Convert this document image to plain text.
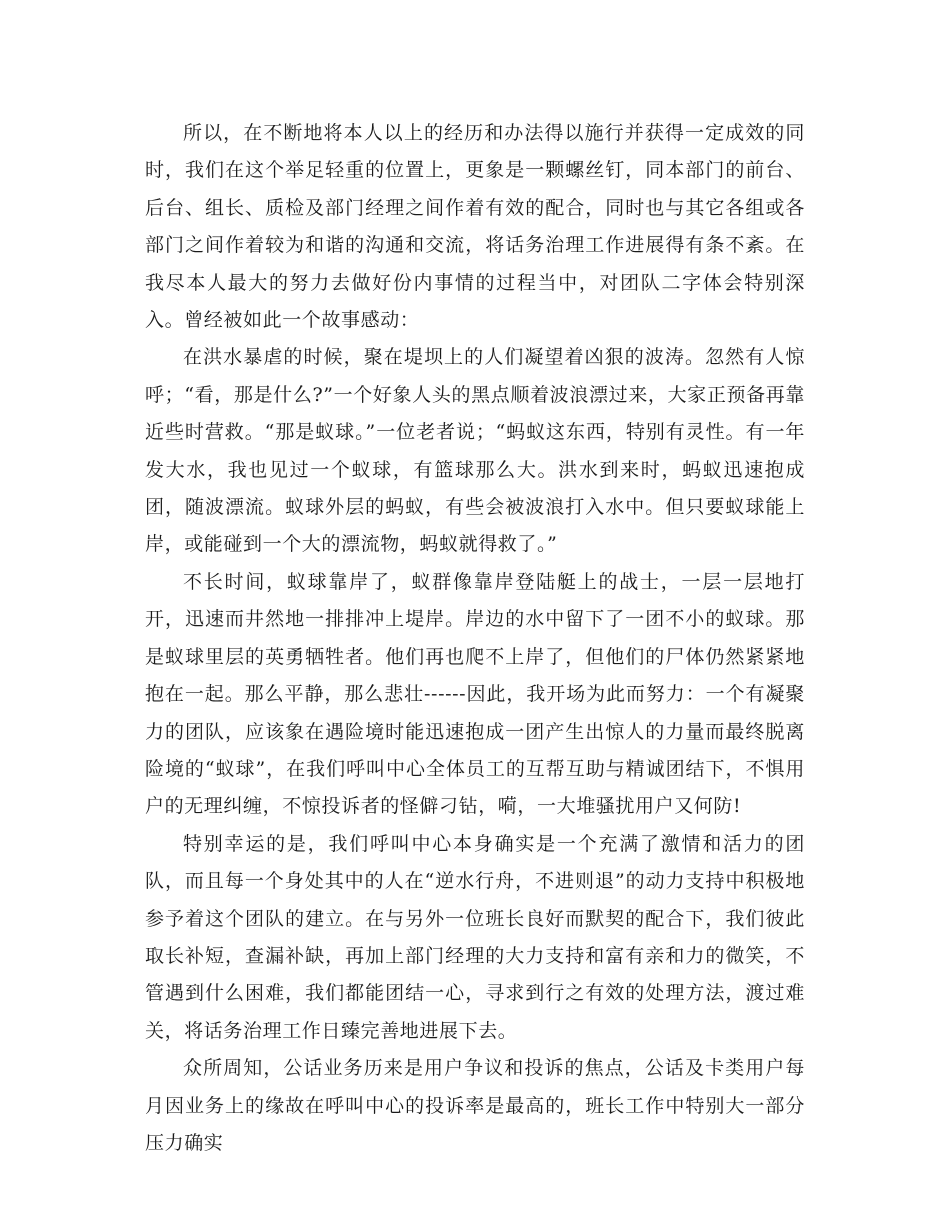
所以，在不断地将本人以上的经历和办法得以施行并获得一定成效的同时，我们在这个举足轻重的位置上，更象是一颗螺丝钉，同本部门的前台、后台、组长、质检及部门经理之间作着有效的配合，同时也与其它各组或各部门之间作着较为和谐的沟通和交流，将话务治理工作进展得有条不紊。在我尽本人最大的努力去做好份内事情的过程当中，对团队二字体会特别深入。曾经被如此一个故事感动：

在洪水暴虐的时候，聚在堤坝上的人们凝望着凶狠的波涛。忽然有人惊呼；“看，那是什么?”一个好象人头的黑点顺着波浪漂过来，大家正预备再靠近些时营救。“那是蚁球。”一位老者说；“蚂蚁这东西，特别有灵性。有一年发大水，我也见过一个蚁球，有篮球那么大。洪水到来时，蚂蚁迅速抱成团，随波漂流。蚁球外层的蚂蚁，有些会被波浪打入水中。但只要蚁球能上岸，或能碰到一个大的漂流物，蚂蚁就得救了。”

不长时间，蚁球靠岸了，蚁群像靠岸登陆艇上的战士，一层一层地打开，迅速而井然地一排排冲上堤岸。岸边的水中留下了一团不小的蚁球。那是蚁球里层的英勇牺牲者。他们再也爬不上岸了，但他们的尸体仍然紧紧地抱在一起。那么平静，那么悲壮------因此，我开场为此而努力：一个有凝聚力的团队，应该象在遇险境时能迅速抱成一团产生出惊人的力量而最终脱离险境的“蚁球”，在我们呼叫中心全体员工的互帮互助与精诚团结下，不惧用户的无理纠缠，不惊投诉者的怪僻刁钻，嗬，一大堆骚扰用户又何防!

特别幸运的是，我们呼叫中心本身确实是一个充满了激情和活力的团队，而且每一个身处其中的人在“逆水行舟，不进则退”的动力支持中积极地参予着这个团队的建立。在与另外一位班长良好而默契的配合下，我们彼此取长补短，查漏补缺，再加上部门经理的大力支持和富有亲和力的微笑，不管遇到什么困难，我们都能团结一心，寻求到行之有效的处理方法，渡过难关，将话务治理工作日臻完善地进展下去。

众所周知，公话业务历来是用户争议和投诉的焦点，公话及卡类用户每月因业务上的缘故在呼叫中心的投诉率是最高的，班长工作中特别大一部分压力确实
